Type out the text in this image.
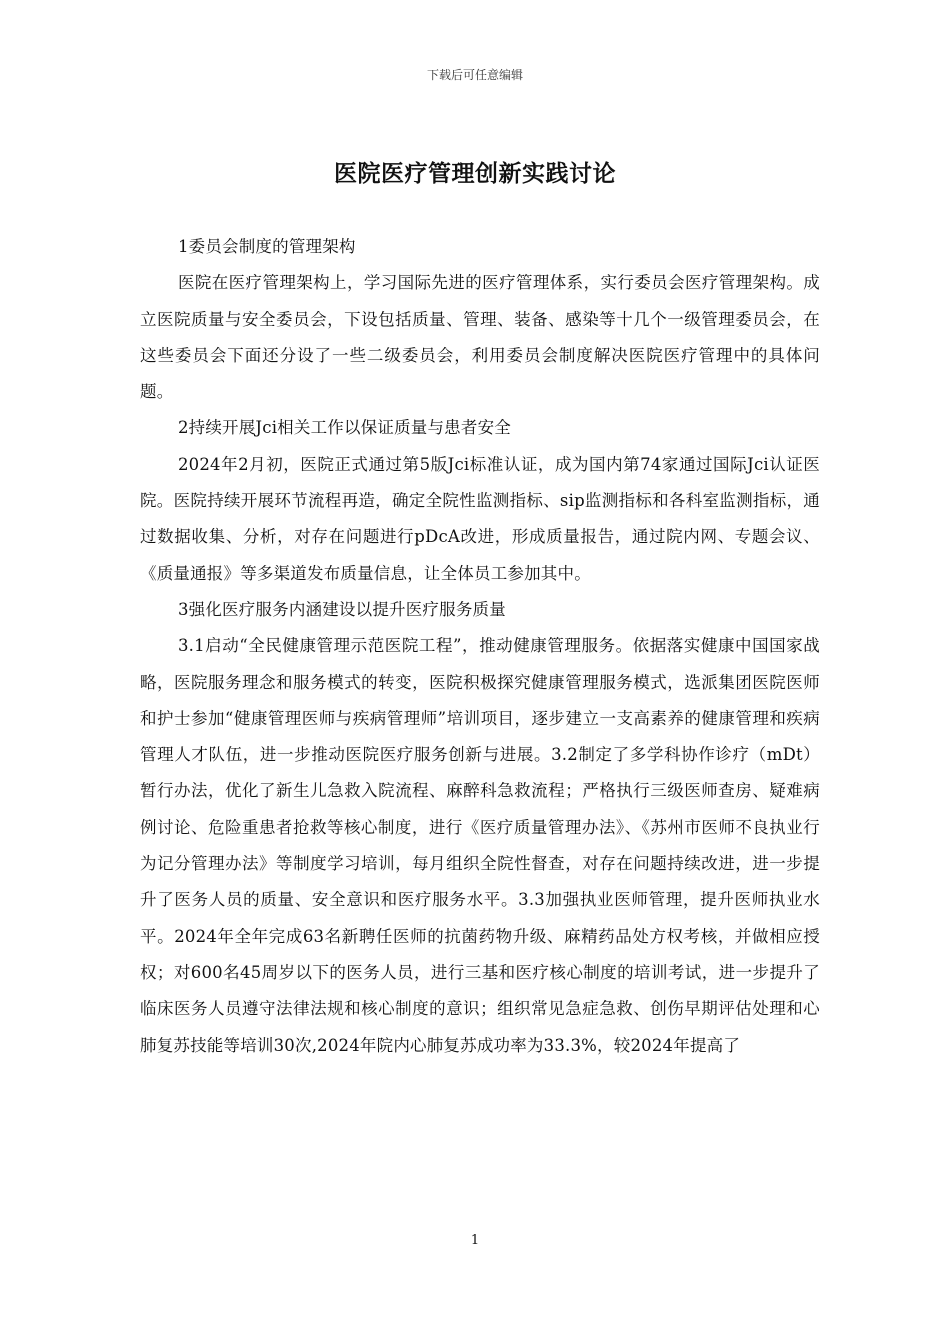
下载后可任意编辑
医院医疗管理创新实践讨论

1委员会制度的管理架构

医院在医疗管理架构上，学习国际先进的医疗管理体系，实行委员会医疗管理架构。成立医院质量与安全委员会，下设包括质量、管理、装备、感染等十几个一级管理委员会，在这些委员会下面还分设了一些二级委员会，利用委员会制度解决医院医疗管理中的具体问题。

2持续开展Jci相关工作以保证质量与患者安全

2024年2月初，医院正式通过第5版Jci标准认证，成为国内第74家通过国际Jci认证医院。医院持续开展环节流程再造，确定全院性监测指标、sip监测指标和各科室监测指标，通过数据收集、分析，对存在问题进行pDcA改进，形成质量报告，通过院内网、专题会议、《质量通报》等多渠道发布质量信息，让全体员工参加其中。

3强化医疗服务内涵建设以提升医疗服务质量

3.1启动“全民健康管理示范医院工程”，推动健康管理服务。依据落实健康中国国家战略，医院服务理念和服务模式的转变，医院积极探究健康管理服务模式，选派集团医院医师和护士参加“健康管理医师与疾病管理师”培训项目，逐步建立一支高素养的健康管理和疾病管理人才队伍，进一步推动医院医疗服务创新与进展。3.2制定了多学科协作诊疗（mDt）暂行办法，优化了新生儿急救入院流程、麻醉科急救流程；严格执行三级医师查房、疑难病例讨论、危险重患者抢救等核心制度，进行《医疗质量管理办法》、《苏州市医师不良执业行为记分管理办法》等制度学习培训，每月组织全院性督查，对存在问题持续改进，进一步提升了医务人员的质量、安全意识和医疗服务水平。3.3加强执业医师管理，提升医师执业水平。2024年全年完成63名新聘任医师的抗菌药物升级、麻精药品处方权考核，并做相应授权；对600名45周岁以下的医务人员，进行三基和医疗核心制度的培训考试，进一步提升了临床医务人员遵守法律法规和核心制度的意识；组织常见急症急救、创伤早期评估处理和心肺复苏技能等培训30次,2024年院内心肺复苏成功率为33.3%，较2024年提高了

1
